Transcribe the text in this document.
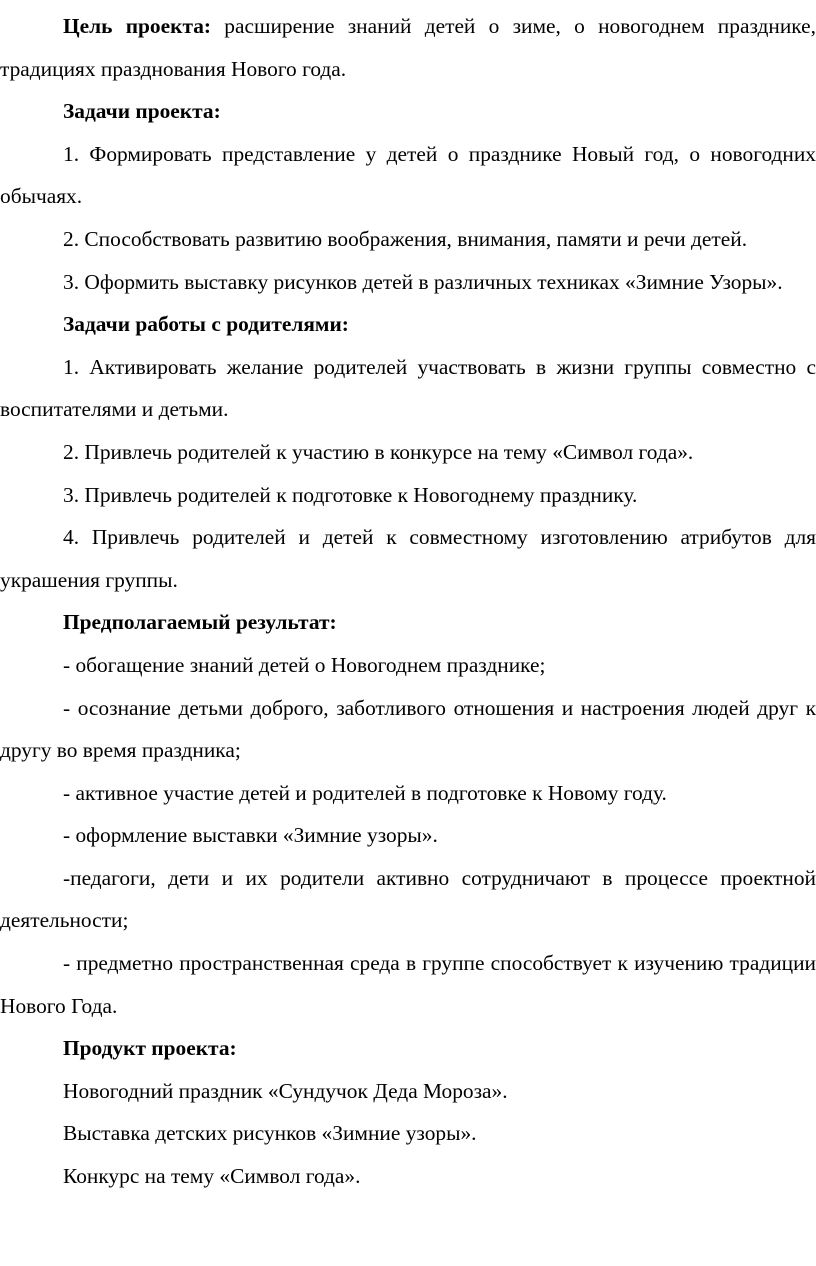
Цель проекта: расширение знаний детей о зиме, о новогоднем празднике, традициях празднования Нового года.

Задачи проекта:

1. Формировать представление у детей о празднике Новый год, о новогодних обычаях.

2. Способствовать развитию воображения, внимания, памяти и речи детей.

3. Оформить выставку рисунков детей в различных техниках «Зимние Узоры».

Задачи работы с родителями:

1. Активировать желание родителей участвовать в жизни группы совместно с воспитателями и детьми.

2. Привлечь родителей к участию в конкурсе на тему «Символ года».

3. Привлечь родителей к подготовке к Новогоднему празднику.

4. Привлечь родителей и детей к совместному изготовлению атрибутов для украшения группы.

Предполагаемый результат:

- обогащение знаний детей о Новогоднем празднике;

- осознание детьми доброго, заботливого отношения и настроения людей друг к другу во время праздника;

- активное участие детей и родителей в подготовке к Новому году.

- оформление выставки «Зимние узоры».

-педагоги, дети и их родители активно сотрудничают в процессе проектной деятельности;

- предметно пространственная среда в группе способствует к изучению традиции Нового Года.

Продукт проекта:

Новогодний праздник «Сундучок Деда Мороза».

Выставка детских рисунков «Зимние узоры».

Конкурс на тему «Символ года».
